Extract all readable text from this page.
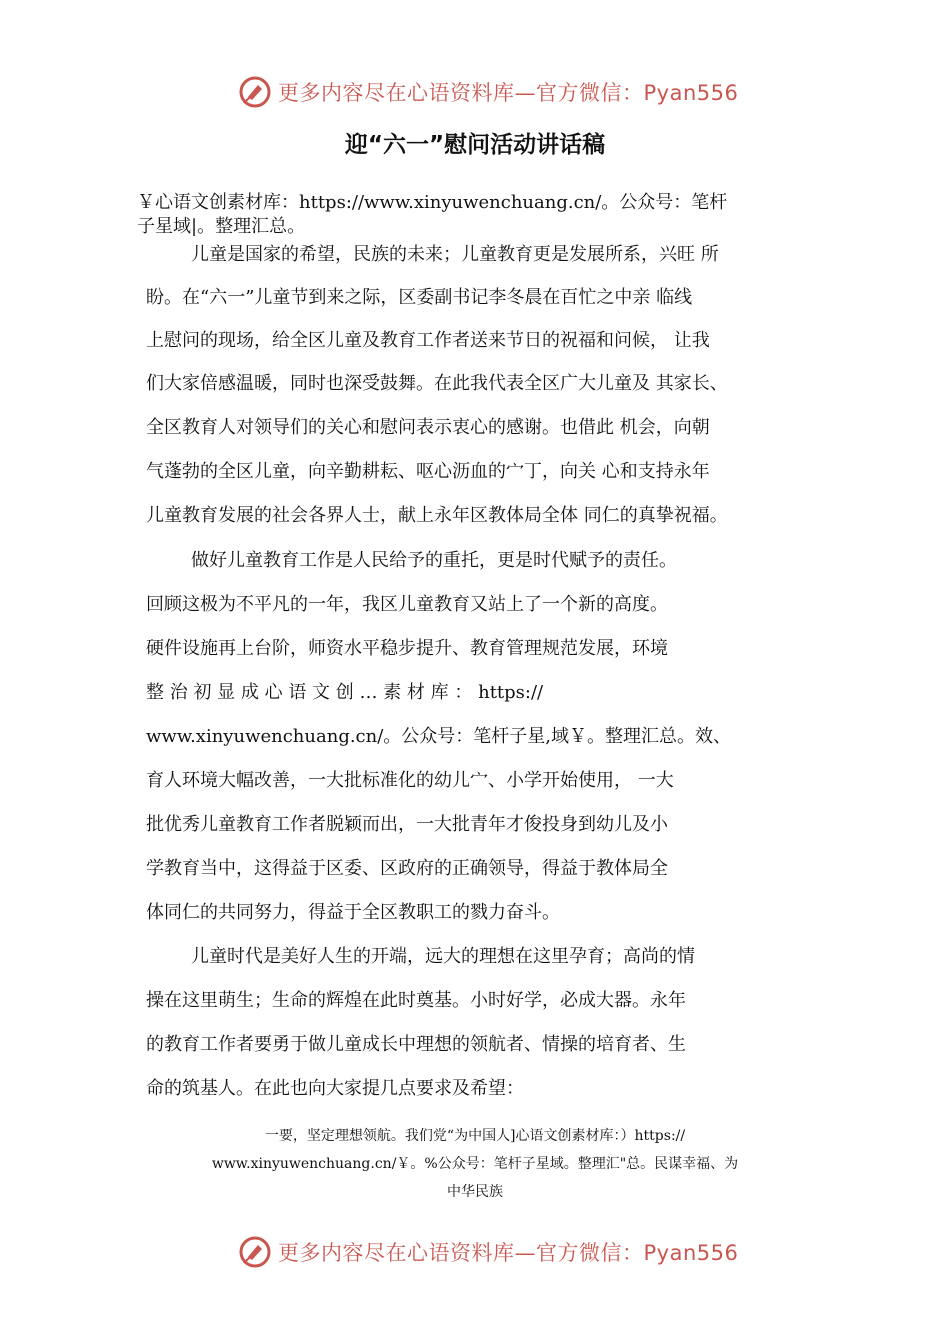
更多内容尽在心语资料库—官方微信：Pyan556
迎“六一”慰问活动讲话稿
￥心语文创素材库：https://www.xinyuwenchuang.cn/。公众号：笔杆
子星域|。整理汇总。
儿童是国家的希望，民族的未来；儿童教育更是发展所系，兴旺 所
盼。在“六一”儿童节到来之际，区委副书记李冬晨在百忙之中亲 临线
上慰问的现场，给全区儿童及教育工作者送来节日的祝福和问候， 让我
们大家倍感温暖，同时也深受鼓舞。在此我代表全区广大儿童及 其家长、
全区教育人对领导们的关心和慰问表示衷心的感谢。也借此 机会，向朝
气蓬勃的全区儿童，向辛勤耕耘、呕心沥血的宀丁，向关 心和支持永年
儿童教育发展的社会各界人士，献上永年区教体局全体 同仁的真挚祝福。
做好儿童教育工作是人民给予的重托，更是时代赋予的责任。
回顾这极为不平凡的一年，我区儿童教育又站上了一个新的高度。
硬件设施再上台阶，师资水平稳步提升、教育管理规范发展，环境
整 治 初 显 成 心 语 文 创 … 素 材 库 ： https://
www.xinyuwenchuang.cn/。公众号：笔杆子星,域￥。整理汇总。效、
育人环境大幅改善，一大批标准化的幼儿宀、小学开始使用， 一大
批优秀儿童教育工作者脱颖而出，一大批青年才俊投身到幼儿及小
学教育当中，这得益于区委、区政府的正确领导，得益于教体局全
体同仁的共同努力，得益于全区教职工的戮力奋斗。
儿童时代是美好人生的开端，远大的理想在这里孕育；高尚的情
操在这里萌生；生命的辉煌在此时奠基。小时好学，必成大器。永年
的教育工作者要勇于做儿童成长中理想的领航者、情操的培育者、生
命的筑基人。在此也向大家提几点要求及希望：
一要，坚定理想领航。我们党“为中国人]心语文创素材库：）https://
www.xinyuwenchuang.cn/￥。%公众号：笔杆子星域。整理汇"总。民谋幸福、为
中华民族
更多内容尽在心语资料库—官方微信：Pyan556
